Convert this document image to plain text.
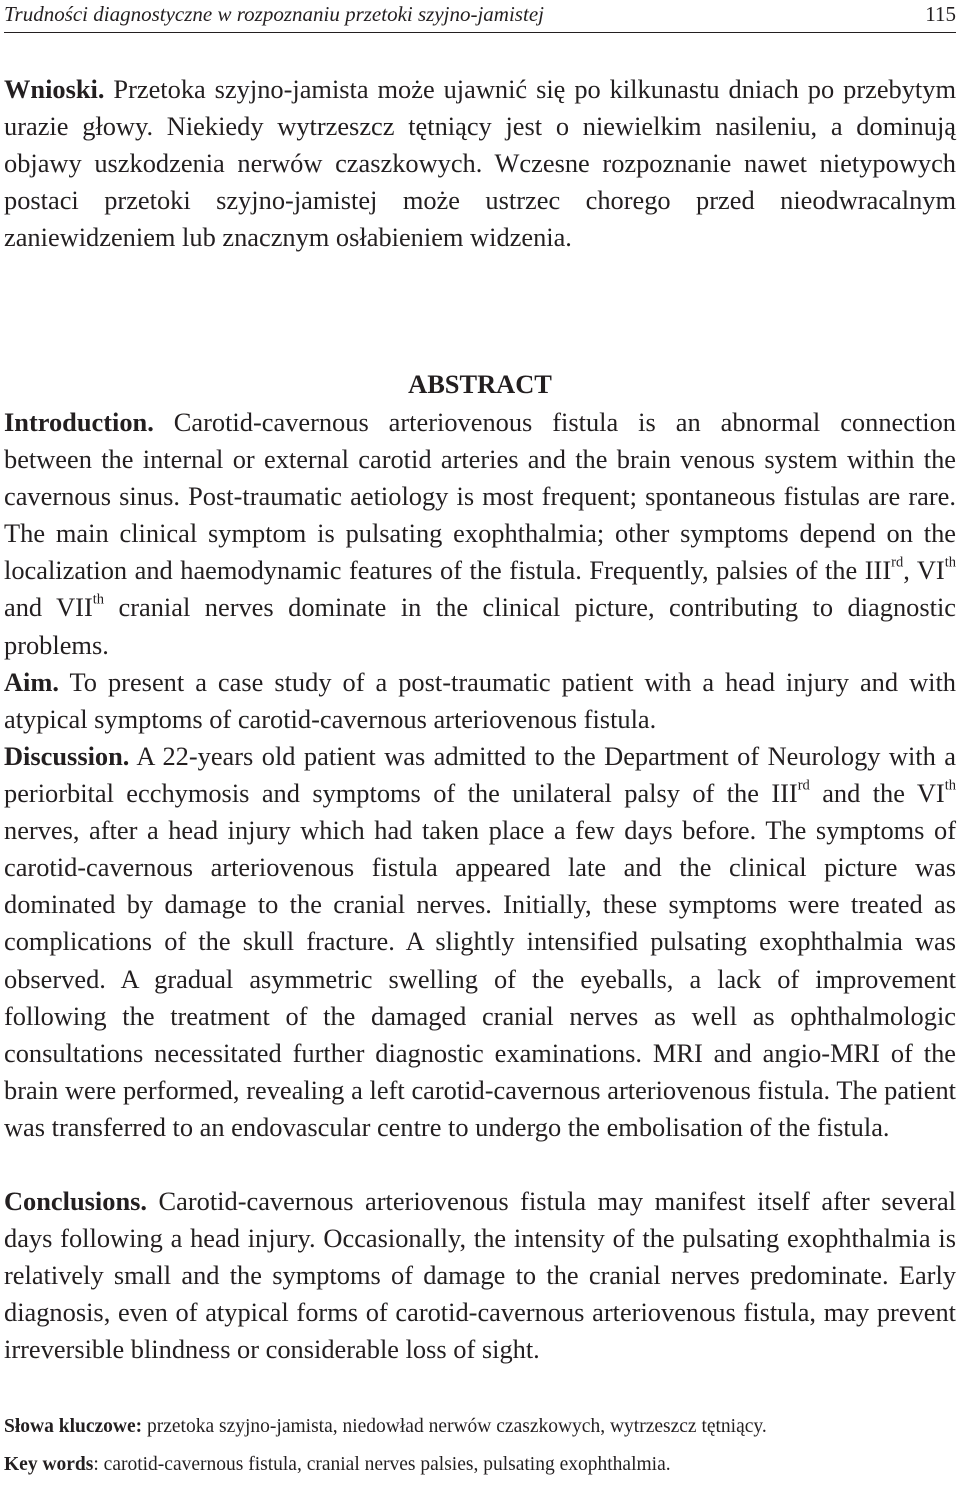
Trudności diagnostyczne w rozpoznaniu przetoki szyjno-jamistej	115

Wnioski. Przetoka szyjno-jamista może ujawnić się po kilkunastu dniach po przebytym urazie głowy. Niekiedy wytrzeszcz tętniący jest o niewielkim nasileniu, a dominują objawy uszkodzenia nerwów czaszkowych. Wczesne rozpoznanie nawet nietypowych postaci przetoki szyjno-jamistej może ustrzec chorego przed nieodwracalnym zaniewidzeniem lub znacznym osłabieniem widzenia.

ABSTRACT

Introduction. Carotid-cavernous arteriovenous fistula is an abnormal connection between the internal or external carotid arteries and the brain venous system within the cavernous sinus. Post-traumatic aetiology is most frequent; spontaneous fistulas are rare. The main clinical symptom is pulsating exophthalmia; other symptoms depend on the localization and haemodynamic features of the fistula. Frequently, palsies of the IIIrd, VIth and VIIth cranial nerves dominate in the clinical picture, contributing to diagnostic problems.

Aim. To present a case study of a post-traumatic patient with a head injury and with atypical symptoms of carotid-cavernous arteriovenous fistula.

Discussion. A 22-years old patient was admitted to the Department of Neurology with a periorbital ecchymosis and symptoms of the unilateral palsy of the IIIrd and the VIth nerves, after a head injury which had taken place a few days before. The symptoms of carotid-cavernous arteriovenous fistula appeared late and the clinical picture was dominated by damage to the cranial nerves. Initially, these symptoms were treated as complications of the skull fracture. A slightly intensified pulsating exophthalmia was observed. A gradual asymmetric swelling of the eyeballs, a lack of improvement following the treatment of the damaged cranial nerves as well as ophthalmologic consultations necessitated further diagnostic examinations. MRI and angio-MRI of the brain were performed, revealing a left carotid-cavernous arteriovenous fistula. The patient was transferred to an endovascular centre to undergo the embolisation of the fistula.

Conclusions. Carotid-cavernous arteriovenous fistula may manifest itself after several days following a head injury. Occasionally, the intensity of the pulsating exophthalmia is relatively small and the symptoms of damage to the cranial nerves predominate. Early diagnosis, even of atypical forms of carotid-cavernous arteriovenous fistula, may prevent irreversible blindness or considerable loss of sight.

Słowa kluczowe: przetoka szyjno-jamista, niedowład nerwów czaszkowych, wytrzeszcz tętniący.

Key words: carotid-cavernous fistula, cranial nerves palsies, pulsating exophthalmia.
